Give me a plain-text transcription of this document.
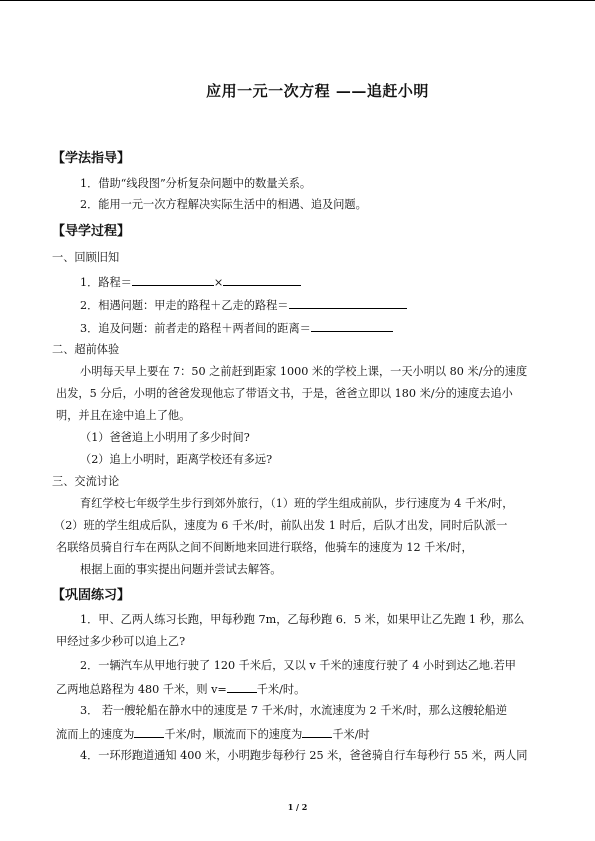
应用一元一次方程 ——追赶小明
【学法指导】
1．借助“线段图”分析复杂问题中的数量关系。
2．能用一元一次方程解决实际生活中的相遇、追及问题。
【导学过程】
一、回顾旧知
1．路程＝	×
2．相遇问题：甲走的路程＋乙走的路程＝
3．追及问题：前者走的路程＋两者间的距离＝
二、超前体验
小明每天早上要在 7：50 之前赶到距家 1000 米的学校上课，一天小明以 80 米/分的速度
出发，5 分后，小明的爸爸发现他忘了带语文书，于是，爸爸立即以 180 米/分的速度去追小
明，并且在途中追上了他。
（1）爸爸追上小明用了多少时间?
（2）追上小明时，距离学校还有多远?
三、交流讨论
育红学校七年级学生步行到郊外旅行，（1）班的学生组成前队，步行速度为 4 千米/时，
（2）班的学生组成后队，速度为 6 千米/时，前队出发 1 时后，后队才出发，同时后队派一
名联络员骑自行车在两队之间不间断地来回进行联络，他骑车的速度为 12 千米/时，
根据上面的事实提出问题并尝试去解答。
【巩固练习】
1．甲、乙两人练习长跑，甲每秒跑 7m，乙每秒跑 6．5 米，如果甲让乙先跑 1 秒，那么
甲经过多少秒可以追上乙?
2．一辆汽车从甲地行驶了 120 千米后，又以 v 千米的速度行驶了 4 小时到达乙地.若甲
乙两地总路程为 480 千米，则 v=	千米/时。
3． 若一艘轮船在静水中的速度是 7 千米/时，水流速度为 2 千米/时，那么这艘轮船逆
流而上的速度为	千米/时，顺流而下的速度为	千米/时
4．一环形跑道通知 400 米，小明跑步每秒行 25 米，爸爸骑自行车每秒行 55 米，两人同
1 / 2
